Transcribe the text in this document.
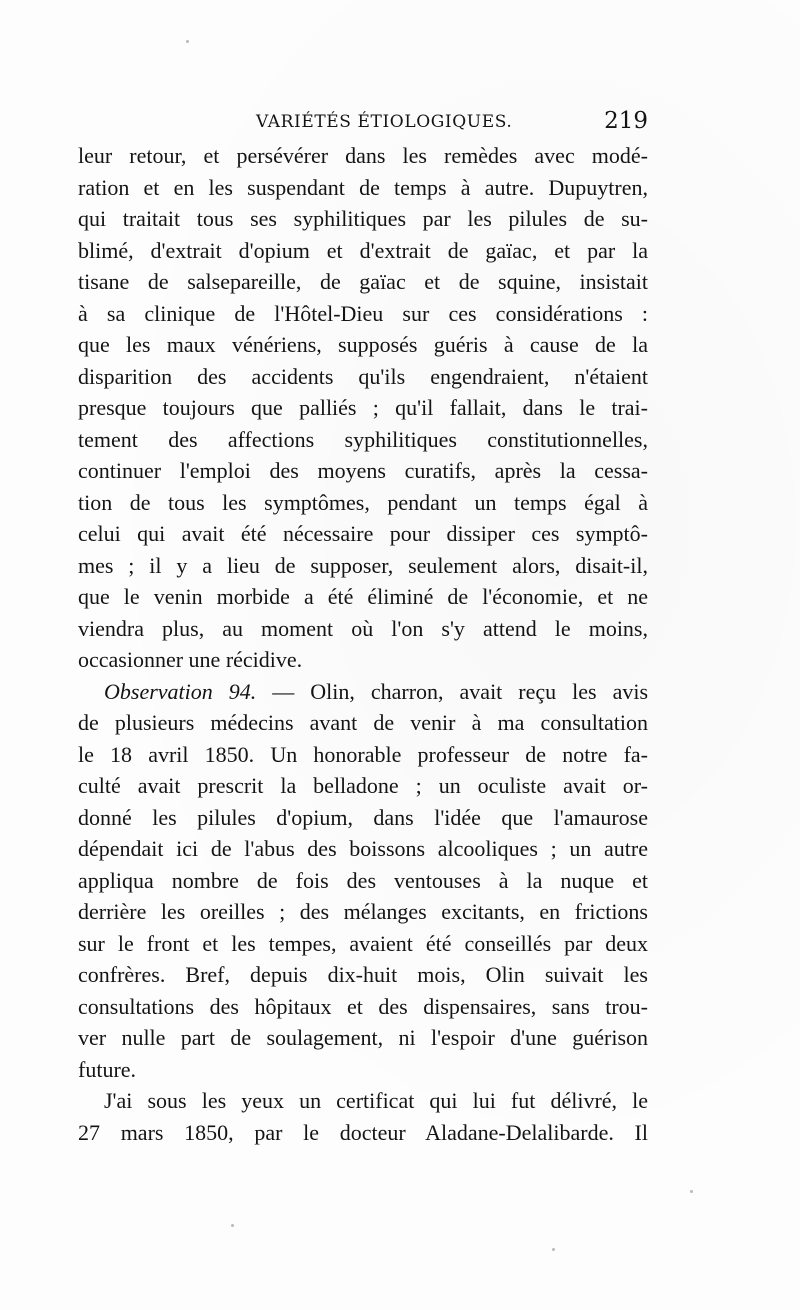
VARIÉTÉS ÉTIOLOGIQUES.	219
leur retour, et persévérer dans les remèdes avec modé-
ration et en les suspendant de temps à autre. Dupuytren,
qui traitait tous ses syphilitiques par les pilules de su-
blimé, d'extrait d'opium et d'extrait de gaïac, et par la
tisane de salsepareille, de gaïac et de squine, insistait
à sa clinique de l'Hôtel-Dieu sur ces considérations :
que les maux vénériens, supposés guéris à cause de la
disparition des accidents qu'ils engendraient, n'étaient
presque toujours que palliés ; qu'il fallait, dans le trai-
tement des affections syphilitiques constitutionnelles,
continuer l'emploi des moyens curatifs, après la cessa-
tion de tous les symptômes, pendant un temps égal à
celui qui avait été nécessaire pour dissiper ces symptô-
mes ; il y a lieu de supposer, seulement alors, disait-il,
que le venin morbide a été éliminé de l'économie, et ne
viendra plus, au moment où l'on s'y attend le moins,
occasionner une récidive.
Observation 94. — Olin, charron, avait reçu les avis
de plusieurs médecins avant de venir à ma consultation
le 18 avril 1850. Un honorable professeur de notre fa-
culté avait prescrit la belladone ; un oculiste avait or-
donné les pilules d'opium, dans l'idée que l'amaurose
dépendait ici de l'abus des boissons alcooliques ; un autre
appliqua nombre de fois des ventouses à la nuque et
derrière les oreilles ; des mélanges excitants, en frictions
sur le front et les tempes, avaient été conseillés par deux
confrères. Bref, depuis dix-huit mois, Olin suivait les
consultations des hôpitaux et des dispensaires, sans trou-
ver nulle part de soulagement, ni l'espoir d'une guérison
future.
J'ai sous les yeux un certificat qui lui fut délivré, le
27 mars 1850, par le docteur Aladane-Delalibarde. Il
